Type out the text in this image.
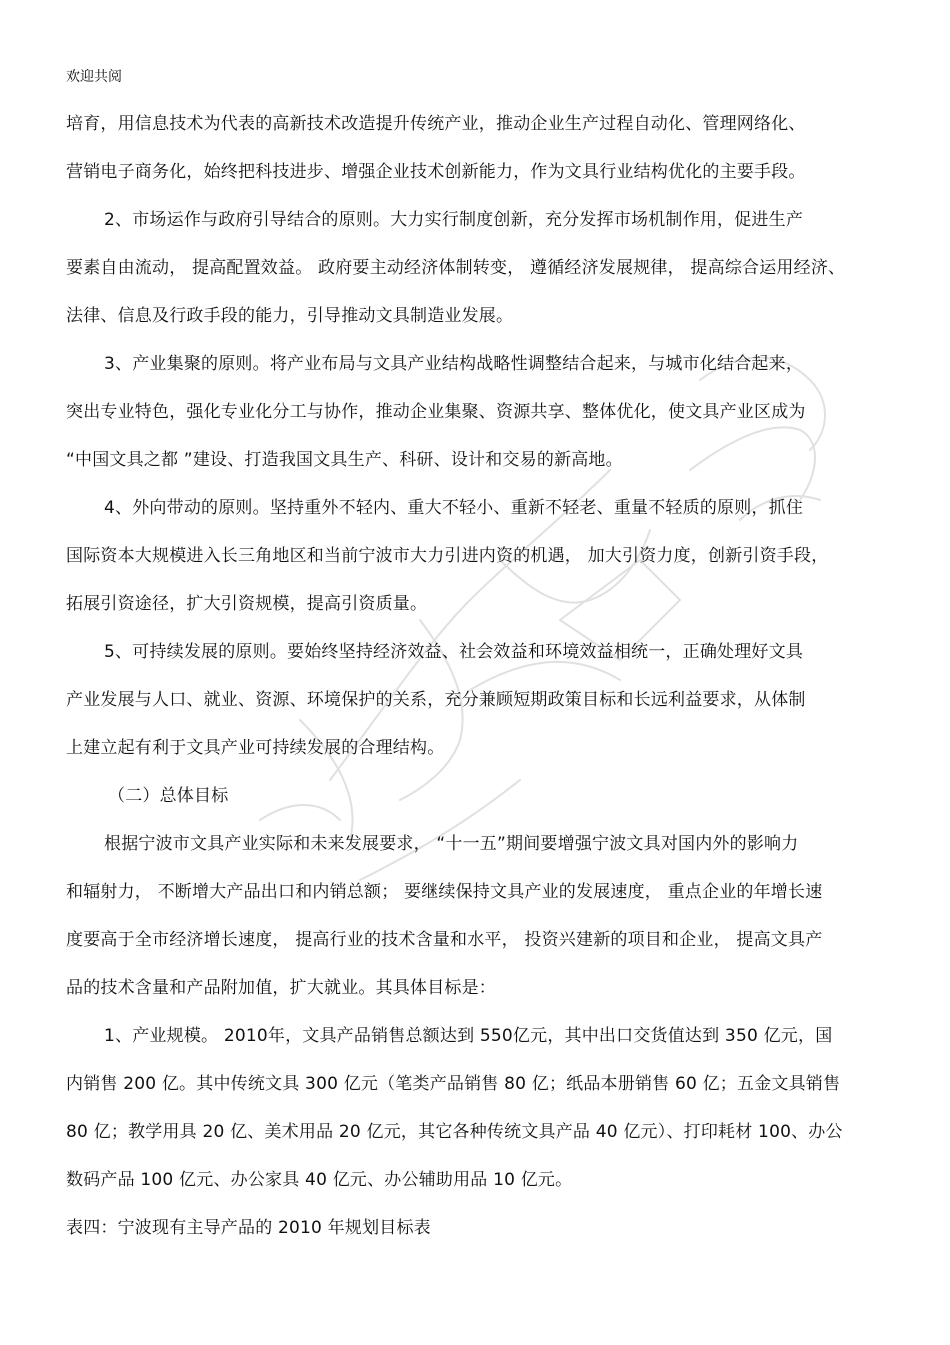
欢迎共阅
培育，用信息技术为代表的高新技术改造提升传统产业，推动企业生产过程自动化、管理网络化、
营销电子商务化，始终把科技进步、增强企业技术创新能力，作为文具行业结构优化的主要手段。
2、市场运作与政府引导结合的原则。大力实行制度创新，充分发挥市场机制作用，促进生产
要素自由流动， 提高配置效益。 政府要主动经济体制转变， 遵循经济发展规律， 提高综合运用经济、
法律、信息及行政手段的能力，引导推动文具制造业发展。
3、产业集聚的原则。将产业布局与文具产业结构战略性调整结合起来，与城市化结合起来，
突出专业特色，强化专业化分工与协作，推动企业集聚、资源共享、整体优化，使文具产业区成为
“中国文具之都 ”建设、打造我国文具生产、科研、设计和交易的新高地。
4、外向带动的原则。坚持重外不轻内、重大不轻小、重新不轻老、重量不轻质的原则，抓住
国际资本大规模进入长三角地区和当前宁波市大力引进内资的机遇， 加大引资力度，创新引资手段，
拓展引资途径，扩大引资规模，提高引资质量。
5、可持续发展的原则。要始终坚持经济效益、社会效益和环境效益相统一，正确处理好文具
产业发展与人口、就业、资源、环境保护的关系，充分兼顾短期政策目标和长远利益要求，从体制
上建立起有利于文具产业可持续发展的合理结构。
（二）总体目标
根据宁波市文具产业实际和未来发展要求， “十一五”期间要增强宁波文具对国内外的影响力
和辐射力， 不断增大产品出口和内销总额； 要继续保持文具产业的发展速度， 重点企业的年增长速
度要高于全市经济增长速度， 提高行业的技术含量和水平， 投资兴建新的项目和企业， 提高文具产
品的技术含量和产品附加值，扩大就业。其具体目标是：
1、产业规模。 2010年，文具产品销售总额达到 550亿元，其中出口交货值达到 350 亿元，国
内销售 200 亿。其中传统文具 300 亿元（笔类产品销售 80 亿；纸品本册销售 60 亿；五金文具销售
80 亿；教学用具 20 亿、美术用品 20 亿元，其它各种传统文具产品 40 亿元）、打印耗材 100、办公
数码产品 100 亿元、办公家具 40 亿元、办公辅助用品 10 亿元。
表四：宁波现有主导产品的 2010 年规划目标表
